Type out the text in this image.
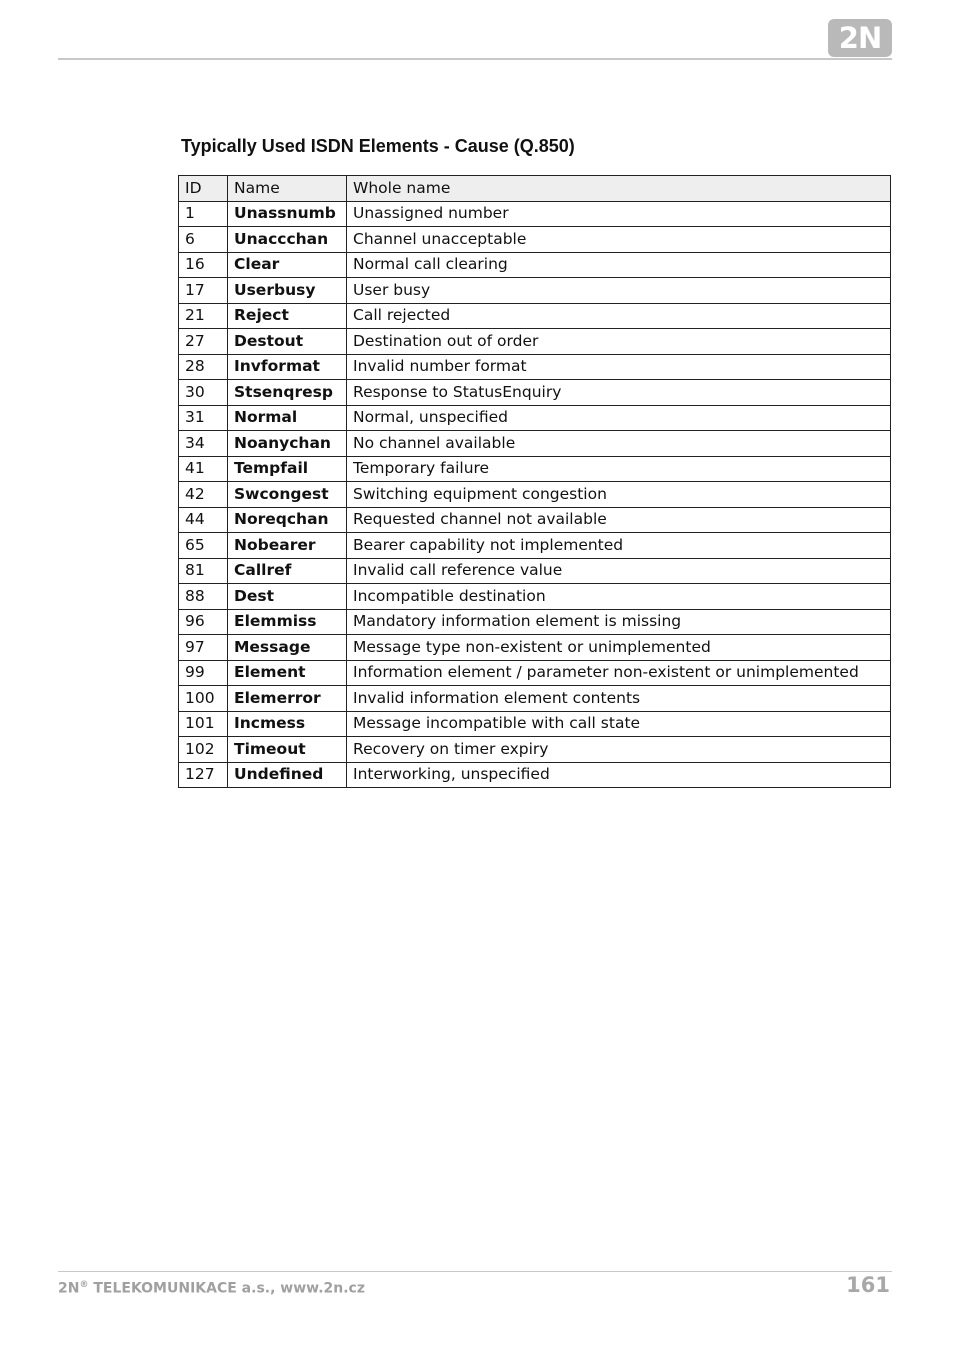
2N
Typically Used ISDN Elements - Cause (Q.850)
ID	Name	Whole name
1	Unassnumb	Unassigned number
6	Unaccchan	Channel unacceptable
16	Clear	Normal call clearing
17	Userbusy	User busy
21	Reject	Call rejected
27	Destout	Destination out of order
28	Invformat	Invalid number format
30	Stsenqresp	Response to StatusEnquiry
31	Normal	Normal, unspecified
34	Noanychan	No channel available
41	Tempfail	Temporary failure
42	Swcongest	Switching equipment congestion
44	Noreqchan	Requested channel not available
65	Nobearer	Bearer capability not implemented
81	Callref	Invalid call reference value
88	Dest	Incompatible destination
96	Elemmiss	Mandatory information element is missing
97	Message	Message type non-existent or unimplemented
99	Element	Information element / parameter non-existent or unimplemented
100	Elemerror	Invalid information element contents
101	Incmess	Message incompatible with call state
102	Timeout	Recovery on timer expiry
127	Undefined	Interworking, unspecified
2N® TELEKOMUNIKACE a.s., www.2n.cz	161
